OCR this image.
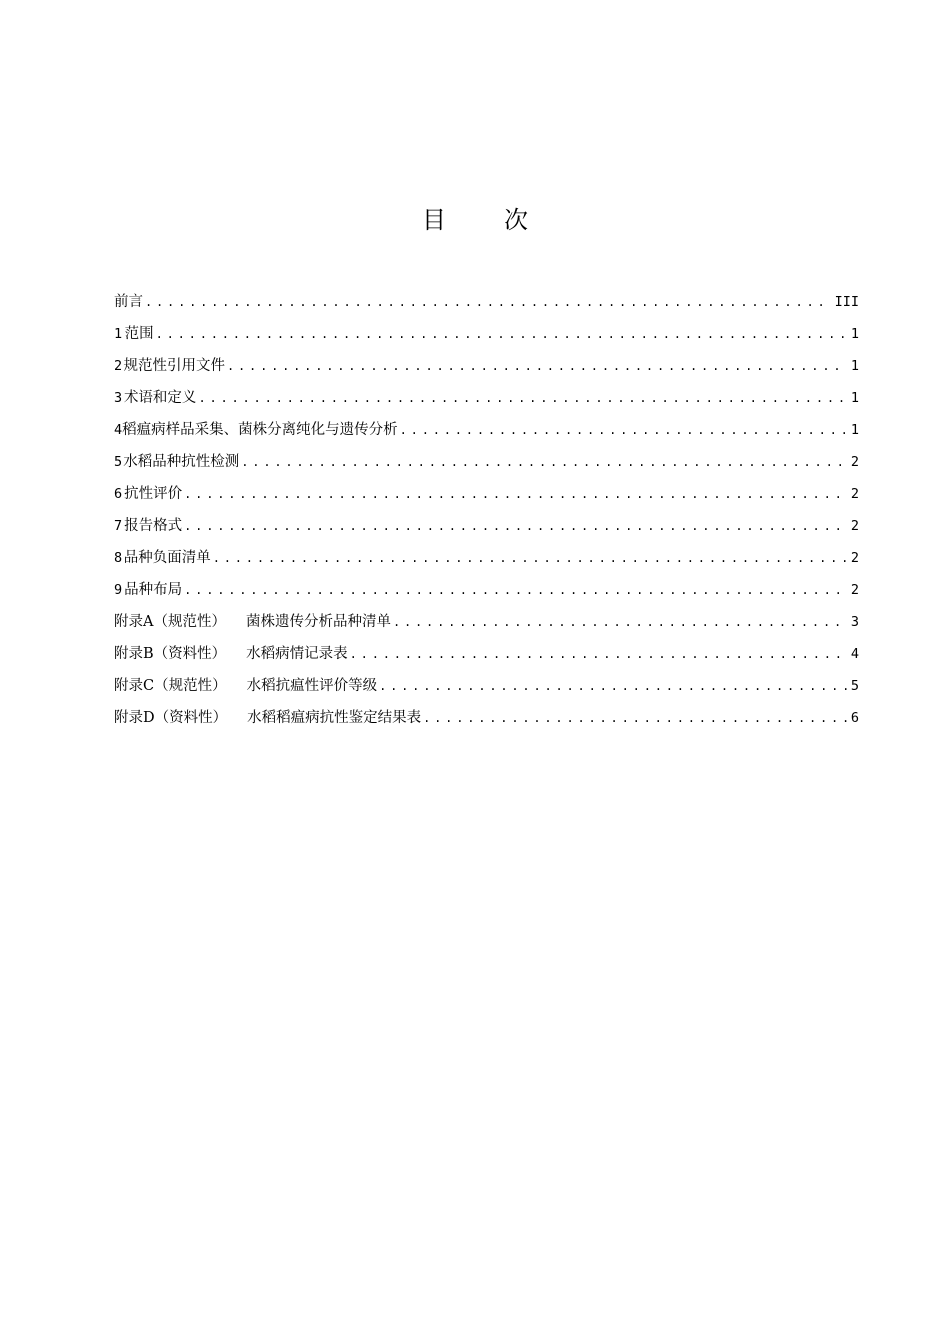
目 次
前言 .....	III
1 范围 .....	1
2 规范性引用文件 .....	1
3 术语和定义 .....	1
4 稻瘟病样品采集、菌株分离纯化与遗传分析 .....	1
5 水稻品种抗性检测 .....	2
6 抗性评价 .....	2
7 报告格式 .....	2
8 品种负面清单 .....	2
9 品种布局 .....	2
附录A（规范性） 菌株遗传分析品种清单 .....	3
附录B（资料性） 水稻病情记录表 .....	4
附录C（规范性） 水稻抗瘟性评价等级 .....	5
附录D（资料性） 水稻稻瘟病抗性鉴定结果表 .....	6
